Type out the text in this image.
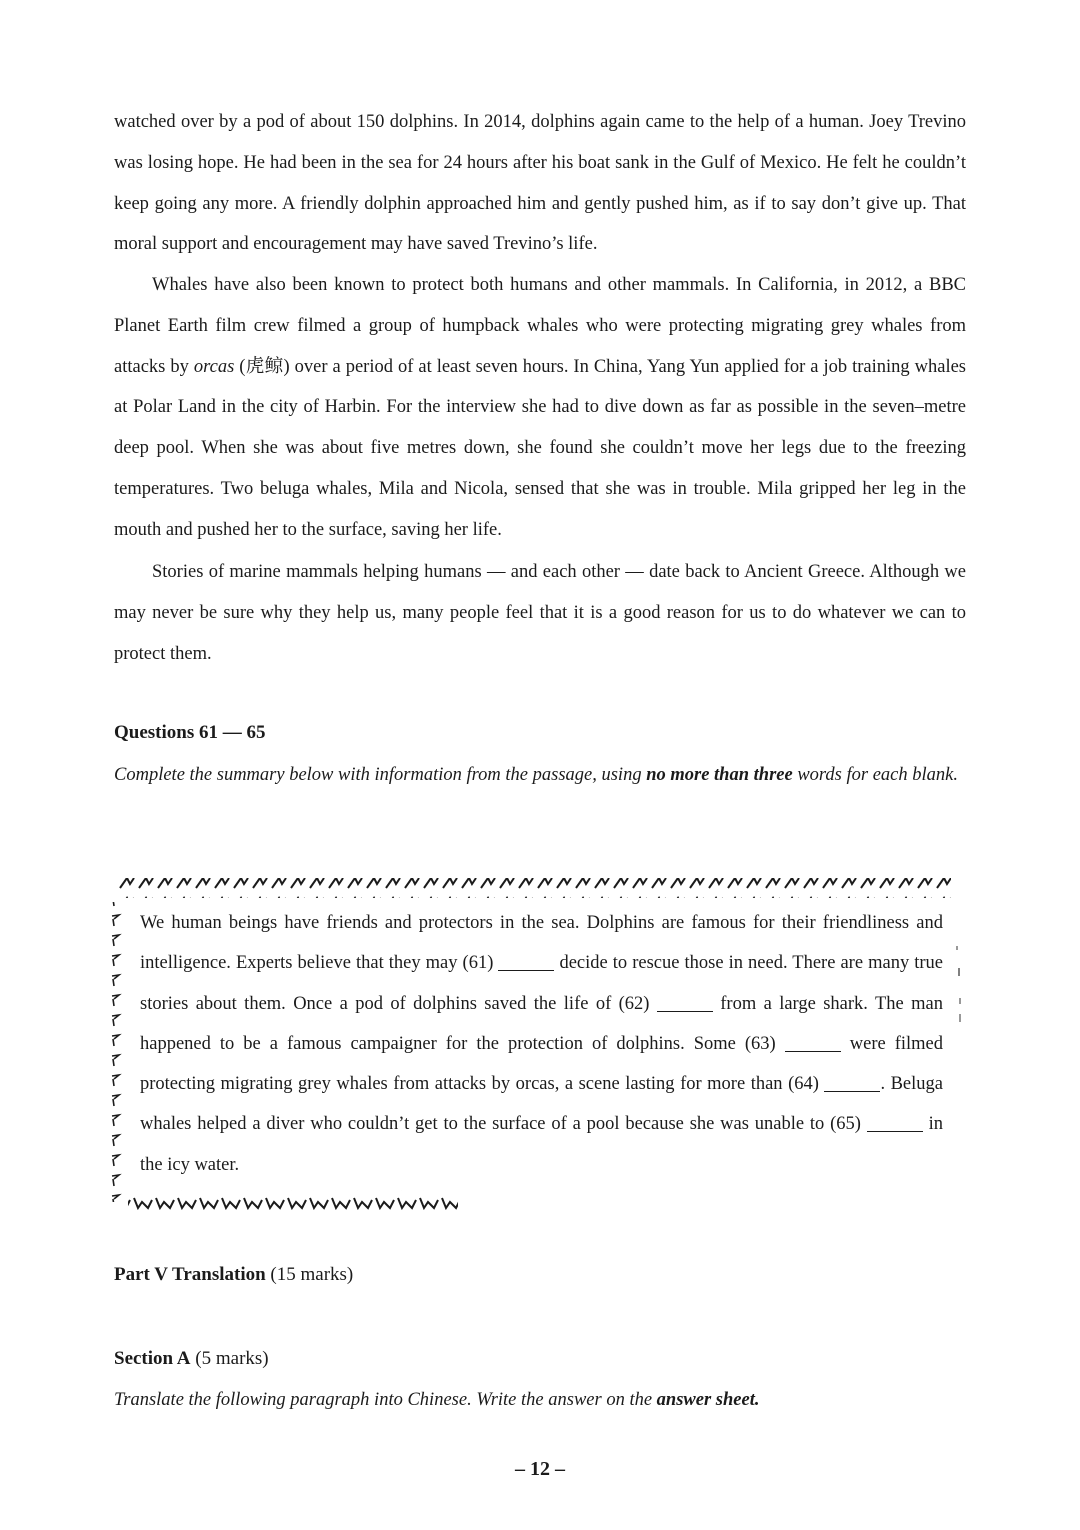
watched over by a pod of about 150 dolphins. In 2014, dolphins again came to the help of a human. Joey Trevino was losing hope. He had been in the sea for 24 hours after his boat sank in the Gulf of Mexico. He felt he couldn’t keep going any more. A friendly dolphin approached him and gently pushed him, as if to say don’t give up. That moral support and encouragement may have saved Trevino’s life.

Whales have also been known to protect both humans and other mammals. In California, in 2012, a BBC Planet Earth film crew filmed a group of humpback whales who were protecting migrating grey whales from attacks by orcas (虎鲸) over a period of at least seven hours. In China, Yang Yun applied for a job training whales at Polar Land in the city of Harbin. For the interview she had to dive down as far as possible in the seven–metre deep pool. When she was about five metres down, she found she couldn’t move her legs due to the freezing temperatures. Two beluga whales, Mila and Nicola, sensed that she was in trouble. Mila gripped her leg in the mouth and pushed her to the surface, saving her life.

Stories of marine mammals helping humans — and each other — date back to Ancient Greece. Although we may never be sure why they help us, many people feel that it is a good reason for us to do whatever we can to protect them.

Questions 61 — 65

Complete the summary below with information from the passage, using no more than three words for each blank.

We human beings have friends and protectors in the sea. Dolphins are famous for their friendliness and intelligence. Experts believe that they may (61)	decide to rescue those in need. There are many true stories about them. Once a pod of dolphins saved the life of (62)	from a large shark. The man happened to be a famous campaigner for the protection of dolphins. Some (63)	were filmed protecting migrating grey whales from attacks by orcas, a scene lasting for more than (64)	. Beluga whales helped a diver who couldn’t get to the surface of a pool because she was unable to (65)	in the icy water.

Part V Translation (15 marks)

Section A (5 marks)

Translate the following paragraph into Chinese. Write the answer on the answer sheet.

– 12 –
